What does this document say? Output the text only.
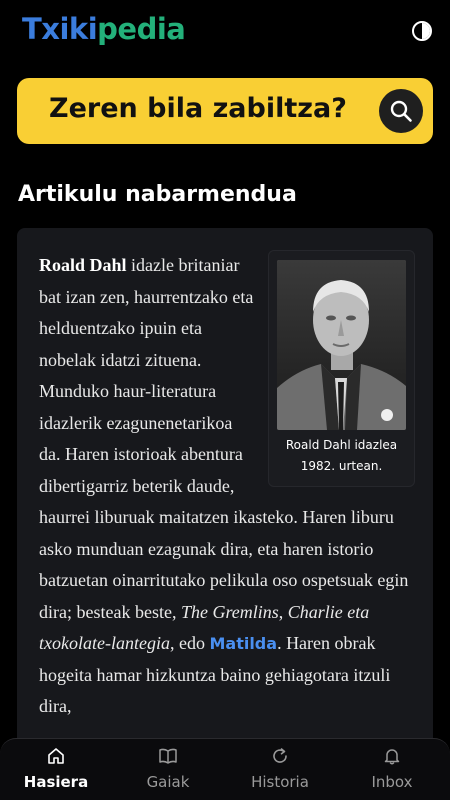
Txikipedia
Zeren bila zabiltza?
Artikulu nabarmendua
Roald Dahl idazlea
1982. urtean.
Roald Dahl idazle britaniar bat izan zen, haurrentzako eta helduentzako ipuin eta nobelak idatzi zituena. Munduko haur-literatura idazlerik ezagunenetarikoa da. Haren istorioak abentura dibertigarriz beterik daude, haurrei liburuak maitatzen ikasteko. Haren liburu asko munduan ezagunak dira, eta haren istorio batzuetan oinarritutako pelikula oso ospetsuak egin dira; besteak beste, The Gremlins, Charlie eta txokolate-lantegia, edo Matilda. Haren obrak hogeita hamar hizkuntza baino gehiagotara itzuli dira,
Hasiera	Gaiak	Historia	Inbox
